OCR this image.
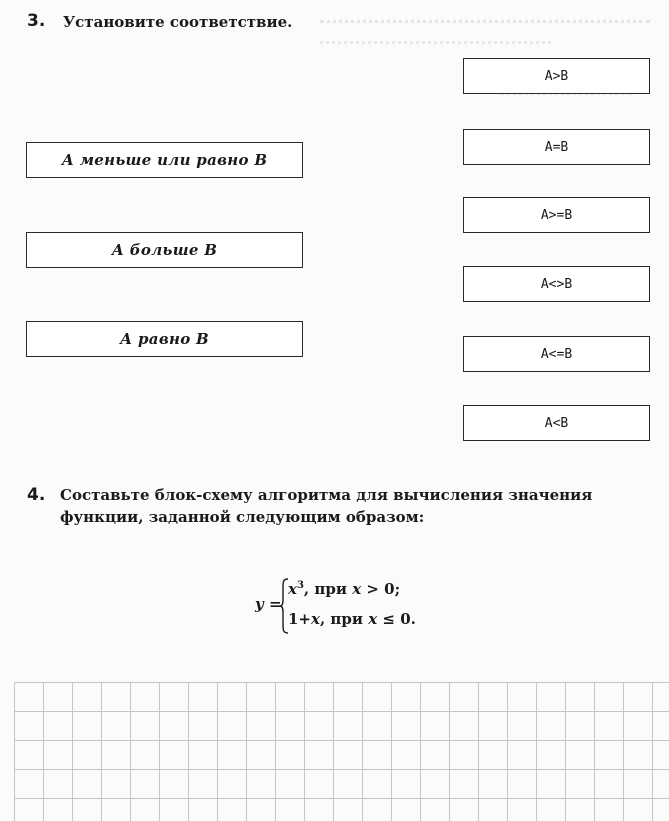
3. Установите соответствие.
А меньше или равно В
А больше В
А равно В
A>B
A=B
A>=B
A<>B
A<=B
A<B
4. Составьте блок-схему алгоритма для вычисления значения
функции, заданной следующим образом:
y =
$x^3$, при x > 0;
1+x, при x ≤ 0.
